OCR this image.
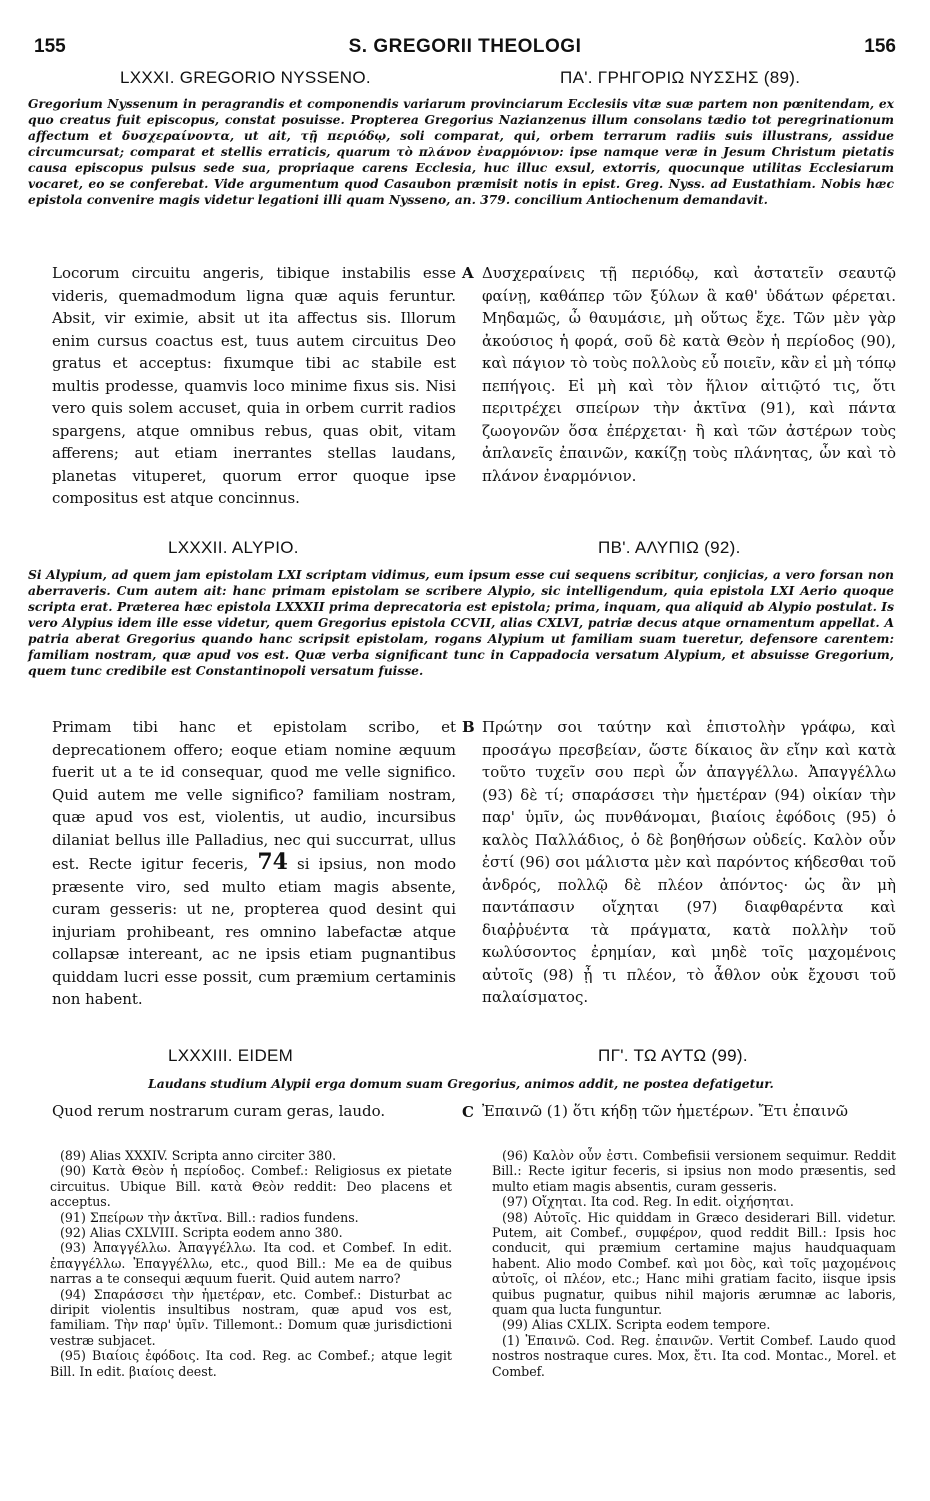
155	S. GREGORII THEOLOGI	156
LXXXI. GREGORIO NYSSENO.	ΠΑ'. ΓΡΗΓΟΡΙΩ ΝΥΣΣΗΣ (89).
Gregorium Nyssenum in peragrandis et componendis variarum provinciarum Ecclesiis vitæ suæ partem non pœnitendam, ex quo creatus fuit episcopus, constat posuisse. Propterea Gregorius Nazianzenus illum consolans tædio tot peregrinationum affectum et δυσχεραίνοντα, ut ait, τῇ περιόδῳ, soli comparat, qui, orbem terrarum radiis suis illustrans, assidue circumcursat; comparat et stellis erraticis, quarum τὸ πλάνον ἐναρμόνιον: ipse namque veræ in Jesum Christum pietatis causa episcopus pulsus sede sua, propriaque carens Ecclesia, huc illuc exsul, extorris, quocunque utilitas Ecclesiarum vocaret, eo se conferebat. Vide argumentum quod Casaubon præmisit notis in epist. Greg. Nyss. ad Eustathiam. Nobis hæc epistola convenire magis videtur legationi illi quam Nysseno, an. 379. concilium Antiochenum demandavit.
Locorum circuitu angeris, tibique instabilis esse videris, quemadmodum ligna quæ aquis feruntur. Absit, vir eximie, absit ut ita affectus sis. Illorum enim cursus coactus est, tuus autem circuitus Deo gratus et acceptus: fixumque tibi ac stabile est multis prodesse, quamvis loco minime fixus sis. Nisi vero quis solem accuset, quia in orbem currit radios spargens, atque omnibus rebus, quas obit, vitam afferens; aut etiam inerrantes stellas laudans, planetas vituperet, quorum error quoque ipse compositus est atque concinnus.
A Δυσχεραίνεις τῇ περιόδῳ, καὶ ἀστατεῖν σεαυτῷ φαίνῃ, καθάπερ τῶν ξύλων ἃ καθ' ὑδάτων φέρεται. Μηδαμῶς, ὦ θαυμάσιε, μὴ οὕτως ἔχε. Τῶν μὲν γὰρ ἀκούσιος ἡ φορά, σοῦ δὲ κατὰ Θεὸν ἡ περίοδος (90), καὶ πάγιον τὸ τοὺς πολλοὺς εὖ ποιεῖν, κἂν εἰ μὴ τόπῳ πεπήγοις. Εἰ μὴ καὶ τὸν ἥλιον αἰτιῷτό τις, ὅτι περιτρέχει σπείρων τὴν ἀκτῖνα (91), καὶ πάντα ζωογονῶν ὅσα ἐπέρχεται· ἢ καὶ τῶν ἀστέρων τοὺς ἀπλανεῖς ἐπαινῶν, κακίζῃ τοὺς πλάνητας, ὧν καὶ τὸ πλάνον ἐναρμόνιον.
LXXXII. ALYPIO.	ΠΒ'. ΑΛΥΠΙΩ (92).
Si Alypium, ad quem jam epistolam LXI scriptam vidimus, eum ipsum esse cui sequens scribitur, conjicias, a vero forsan non aberraveris. Cum autem ait: hanc primam epistolam se scribere Alypio, sic intelligendum, quia epistola LXI Aerio quoque scripta erat. Præterea hæc epistola LXXXII prima deprecatoria est epistola; prima, inquam, qua aliquid ab Alypio postulat. Is vero Alypius idem ille esse videtur, quem Gregorius epistola CCVII, alias CXLVI, patriæ decus atque ornamentum appellat. A patria aberat Gregorius quando hanc scripsit epistolam, rogans Alypium ut familiam suam tueretur, defensore carentem: familiam nostram, quæ apud vos est. Quæ verba significant tunc in Cappadocia versatum Alypium, et absuisse Gregorium, quem tunc credibile est Constantinopoli versatum fuisse.
Primam tibi hanc et epistolam scribo, et deprecationem offero; eoque etiam nomine æquum fuerit ut a te id consequar, quod me velle significo. Quid autem me velle significo? familiam nostram, quæ apud vos est, violentis, ut audio, incursibus dilaniat bellus ille Palladius, nec qui succurrat, ullus est. Recte igitur feceris, 74 si ipsius, non modo præsente viro, sed multo etiam magis absente, curam gesseris: ut ne, propterea quod desint qui injuriam prohibeant, res omnino labefactæ atque collapsæ intereant, ac ne ipsis etiam pugnantibus quiddam lucri esse possit, cum præmium certaminis non habent.
B Πρώτην σοι ταύτην καὶ ἐπιστολὴν γράφω, καὶ προσάγω πρεσβείαν, ὥστε δίκαιος ἂν εἴην καὶ κατὰ τοῦτο τυχεῖν σου περὶ ὧν ἀπαγγέλλω. Ἀπαγγέλλω (93) δὲ τί; σπαράσσει τὴν ἡμετέραν (94) οἰκίαν τὴν παρ' ὑμῖν, ὡς πυνθάνομαι, βιαίοις ἐφόδοις (95) ὁ καλὸς Παλλάδιος, ὁ δὲ βοηθήσων οὐδείς. Καλὸν οὖν ἐστί (96) σοι μάλιστα μὲν καὶ παρόντος κήδεσθαι τοῦ ἀνδρός, πολλῷ δὲ πλέον ἀπόντος· ὡς ἂν μὴ παντάπασιν οἴχηται (97) διαφθαρέντα καὶ διαῤῥυέντα τὰ πράγματα, κατὰ πολλὴν τοῦ κωλύσοντος ἐρημίαν, καὶ μηδὲ τοῖς μαχομένοις αὐτοῖς (98) ᾖ τι πλέον, τὸ ἆθλον οὐκ ἔχουσι τοῦ παλαίσματος.
LXXXIII. EIDEM	ΠΓ'. ΤΩ ΑΥΤΩ (99).
Laudans studium Alypii erga domum suam Gregorius, animos addit, ne postea defatigetur.
Quod rerum nostrarum curam geras, laudo.	C Ἐπαινῶ (1) ὅτι κήδῃ τῶν ἡμετέρων. Ἔτι ἐπαινῶ

(89) Alias XXXIV. Scripta anno circiter 380.

(90) Κατὰ Θεὸν ἡ περίοδος. Combef.: Religiosus ex pietate circuitus. Ubique Bill. κατὰ Θεὸν reddit: Deo placens et acceptus.

(91) Σπείρων τὴν ἀκτῖνα. Bill.: radios fundens.

(92) Alias CXLVIII. Scripta eodem anno 380.

(93) Ἀπαγγέλλω. Ἀπαγγέλλω. Ita cod. et Combef. In edit. ἐπαγγέλλω. Ἐπαγγέλλω, etc., quod Bill.: Me ea de quibus narras a te consequi æquum fuerit. Quid autem narro?

(94) Σπαράσσει τὴν ἡμετέραν, etc. Combef.: Disturbat ac diripit violentis insultibus nostram, quæ apud vos est, familiam. Τὴν παρ' ὑμῖν. Tillemont.: Domum quæ jurisdictioni vestræ subjacet.

(95) Βιαίοις ἐφόδοις. Ita cod. Reg. ac Combef.; atque legit Bill. In edit. βιαίοις deest.

(96) Καλὸν οὖν ἐστι. Combefisii versionem sequimur. Reddit Bill.: Recte igitur feceris, si ipsius non modo præsentis, sed multo etiam magis absentis, curam gesseris.

(97) Οἴχηται. Ita cod. Reg. In edit. οἰχήσηται.

(98) Αὐτοῖς. Hic quiddam in Græco desiderari Bill. videtur. Putem, ait Combef., συμφέρον, quod reddit Bill.: Ipsis hoc conducit, qui præmium certamine majus haudquaquam habent. Alio modo Combef. καὶ μοι δὸς, καὶ τοῖς μαχομένοις αὐτοῖς, οἱ πλέον, etc.; Hanc mihi gratiam facito, iisque ipsis quibus pugnatur, quibus nihil majoris ærumnæ ac laboris, quam qua lucta funguntur.

(99) Alias CXLIX. Scripta eodem tempore.

(1) Ἐπαινῶ. Cod. Reg. ἐπαινῶν. Vertit Combef. Laudo quod nostros nostraque cures. Mox, ἔτι. Ita cod. Montac., Morel. et Combef.
